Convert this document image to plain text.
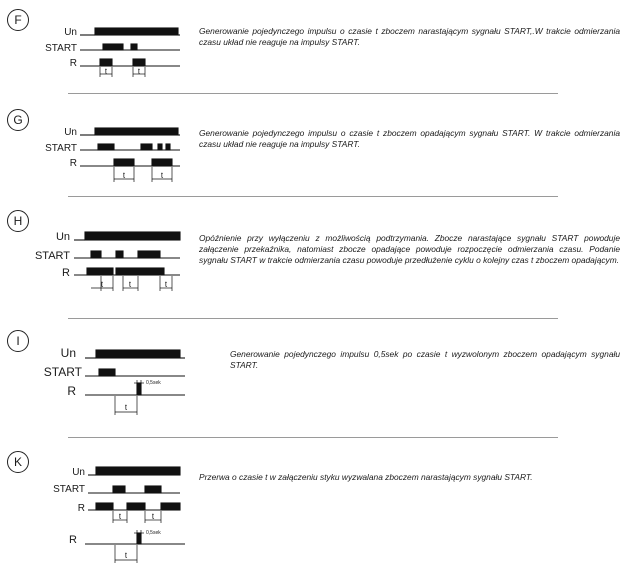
F
Un
START
R
t	t
Generowanie pojedynczego impulsu o czasie t zboczem narastającym sygnału START,.W trakcie odmierzania czasu układ nie reaguje na impulsy START.
G
Un
START
R
t	t
Generowanie pojedynczego impulsu o czasie t zboczem opadającym sygnału START. W trakcie odmierzania czasu układ nie reaguje na impulsy START.
H
Un
START
R
t	t	t
Opóźnienie przy wyłączeniu z możliwością podtrzymania. Zbocze narastające sygnału START powoduje załączenie przekaźnika, natomiast zbocze opadające powoduje rozpoczęcie odmierzania czasu. Podanie sygnału START w trakcie odmierzania czasu powoduje przedłużenie cyklu o kolejny czas t zboczem opadającym.
I
Un
START
R
t
0,5sek
Generowanie pojedynczego impulsu 0,5sek po czasie t wyzwolonym zboczem opadającym sygnału START.
K
Un
START
R
R
t	t
t
0,5sek
Przerwa o czasie t w załączeniu styku wyzwalana zboczem narastającym sygnału START.
